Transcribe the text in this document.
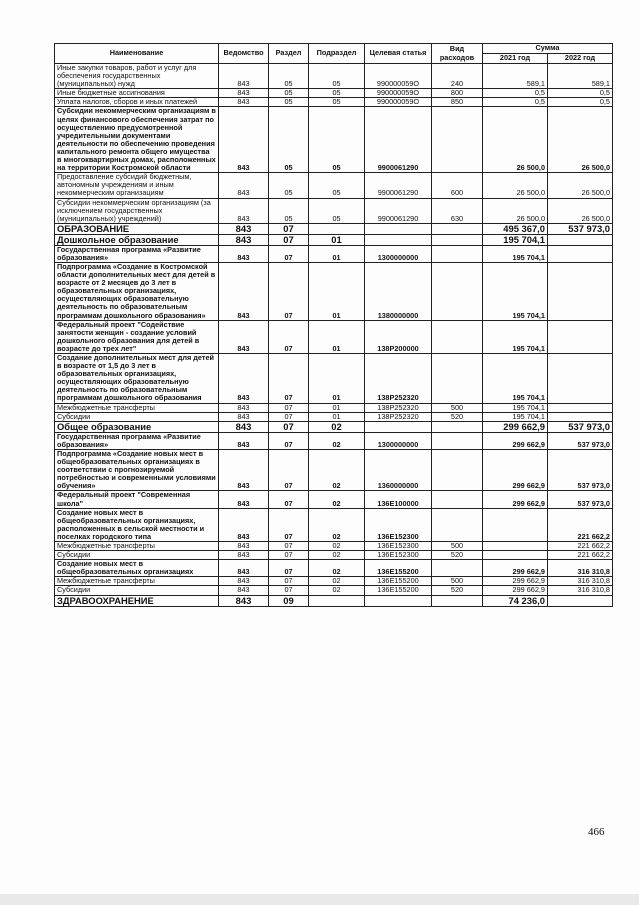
Наименование	Ведомство	Раздел	Подраздел	Целевая статья	Вид расходов	Сумма	
						2021 год	2022 год
Иные закупки товаров, работ и услуг для обеспечения государственных (муниципальных) нужд	843	05	05	990000059О	240	589,1	589,1
Иные бюджетные ассигнования	843	05	05	990000059О	800	0,5	0,5
Уплата налогов, сборов и иных платежей	843	05	05	990000059О	850	0,5	0,5
Субсидии некоммерческим организациям в целях финансового обеспечения затрат по осуществлению предусмотренной учредительными документами деятельности по обеспечению проведения капитального ремонта общего имущества в многоквартирных домах, расположенных на территории Костромской области	843	05	05	9900061290		26 500,0	26 500,0
Предоставление субсидий бюджетным, автономным учреждениям и иным некоммерческим организациям	843	05	05	9900061290	600	26 500,0	26 500,0
Субсидии некоммерческим организациям (за исключением государственных (муниципальных) учреждений)	843	05	05	9900061290	630	26 500,0	26 500,0
ОБРАЗОВАНИЕ	843	07				495 367,0	537 973,0
Дошкольное образование	843	07	01			195 704,1	
Государственная программа «Развитие образования»	843	07	01	1300000000		195 704,1	
Подпрограмма «Создание в Костромской области дополнительных мест для детей в возрасте от 2 месяцев до 3 лет в образовательных организациях, осуществляющих образовательную деятельность по образовательным программам дошкольного образования»	843	07	01	1380000000		195 704,1	
Федеральный проект "Содействие занятости женщин - создание условий дошкольного образования для детей в возрасте до трех лет"	843	07	01	138P200000		195 704,1	
Создание дополнительных мест для детей в возрасте от 1,5 до 3 лет в образовательных организациях, осуществляющих образовательную деятельность по образовательным программам дошкольного образования	843	07	01	138P252320		195 704,1	
Межбюджетные трансферты	843	07	01	138P252320	500	195 704,1	
Субсидии	843	07	01	138P252320	520	195 704,1	
Общее образование	843	07	02			299 662,9	537 973,0
Государственная программа «Развитие образования»	843	07	02	1300000000		299 662,9	537 973,0
Подпрограмма «Создание новых мест в общеобразовательных организациях в соответствии с прогнозируемой потребностью и современными условиями обучения»	843	07	02	1360000000		299 662,9	537 973,0
Федеральный проект "Современная школа"	843	07	02	136E100000		299 662,9	537 973,0
Создание новых мест в общеобразовательных организациях, расположенных в сельской местности и поселках городского типа	843	07	02	136E152300			221 662,2
Межбюджетные трансферты	843	07	02	136E152300	500		221 662,2
Субсидии	843	07	02	136E152300	520		221 662,2
Создание новых мест в общеобразовательных организациях	843	07	02	136E155200		299 662,9	316 310,8
Межбюджетные трансферты	843	07	02	136E155200	500	299 662,9	316 310,8
Субсидии	843	07	02	136E155200	520	299 662,9	316 310,8
ЗДРАВООХРАНЕНИЕ	843	09				74 236,0	
466
